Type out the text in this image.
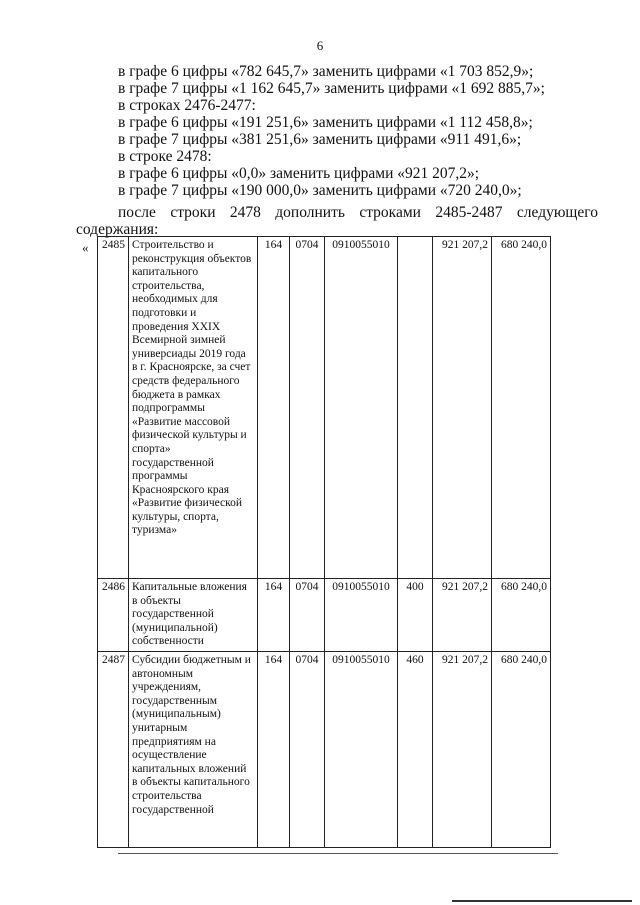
6
в графе 6 цифры «782 645,7» заменить цифрами «1 703 852,9»;
в графе 7 цифры «1 162 645,7» заменить цифрами «1 692 885,7»;
в строках 2476-2477:
в графе 6 цифры «191 251,6» заменить цифрами «1 112 458,8»;
в графе 7 цифры «381 251,6» заменить цифрами «911 491,6»;
в строке 2478:
в графе 6 цифры «0,0» заменить цифрами «921 207,2»;
в графе 7 цифры «190 000,0» заменить цифрами «720 240,0»;
после строки 2478 дополнить строками 2485-2487 следующего
содержания:
« 2485	Строительство и реконструкция объектов капитального строительства, необходимых для подготовки и проведения XXIX Всемирной зимней универсиады 2019 года в г. Красноярске, за счет средств федерального бюджета в рамках подпрограммы «Развитие массовой физической культуры и спорта» государственной программы Красноярского края «Развитие физической культуры, спорта, туризма»	164	0704	0910055010		921 207,2	680 240,0
2486	Капитальные вложения в объекты государственной (муниципальной) собственности	164	0704	0910055010	400	921 207,2	680 240,0
2487	Субсидии бюджетным и автономным учреждениям, государственным (муниципальным) унитарным предприятиям на осуществление капитальных вложений в объекты капитального строительства государственной	164	0704	0910055010	460	921 207,2	680 240,0
